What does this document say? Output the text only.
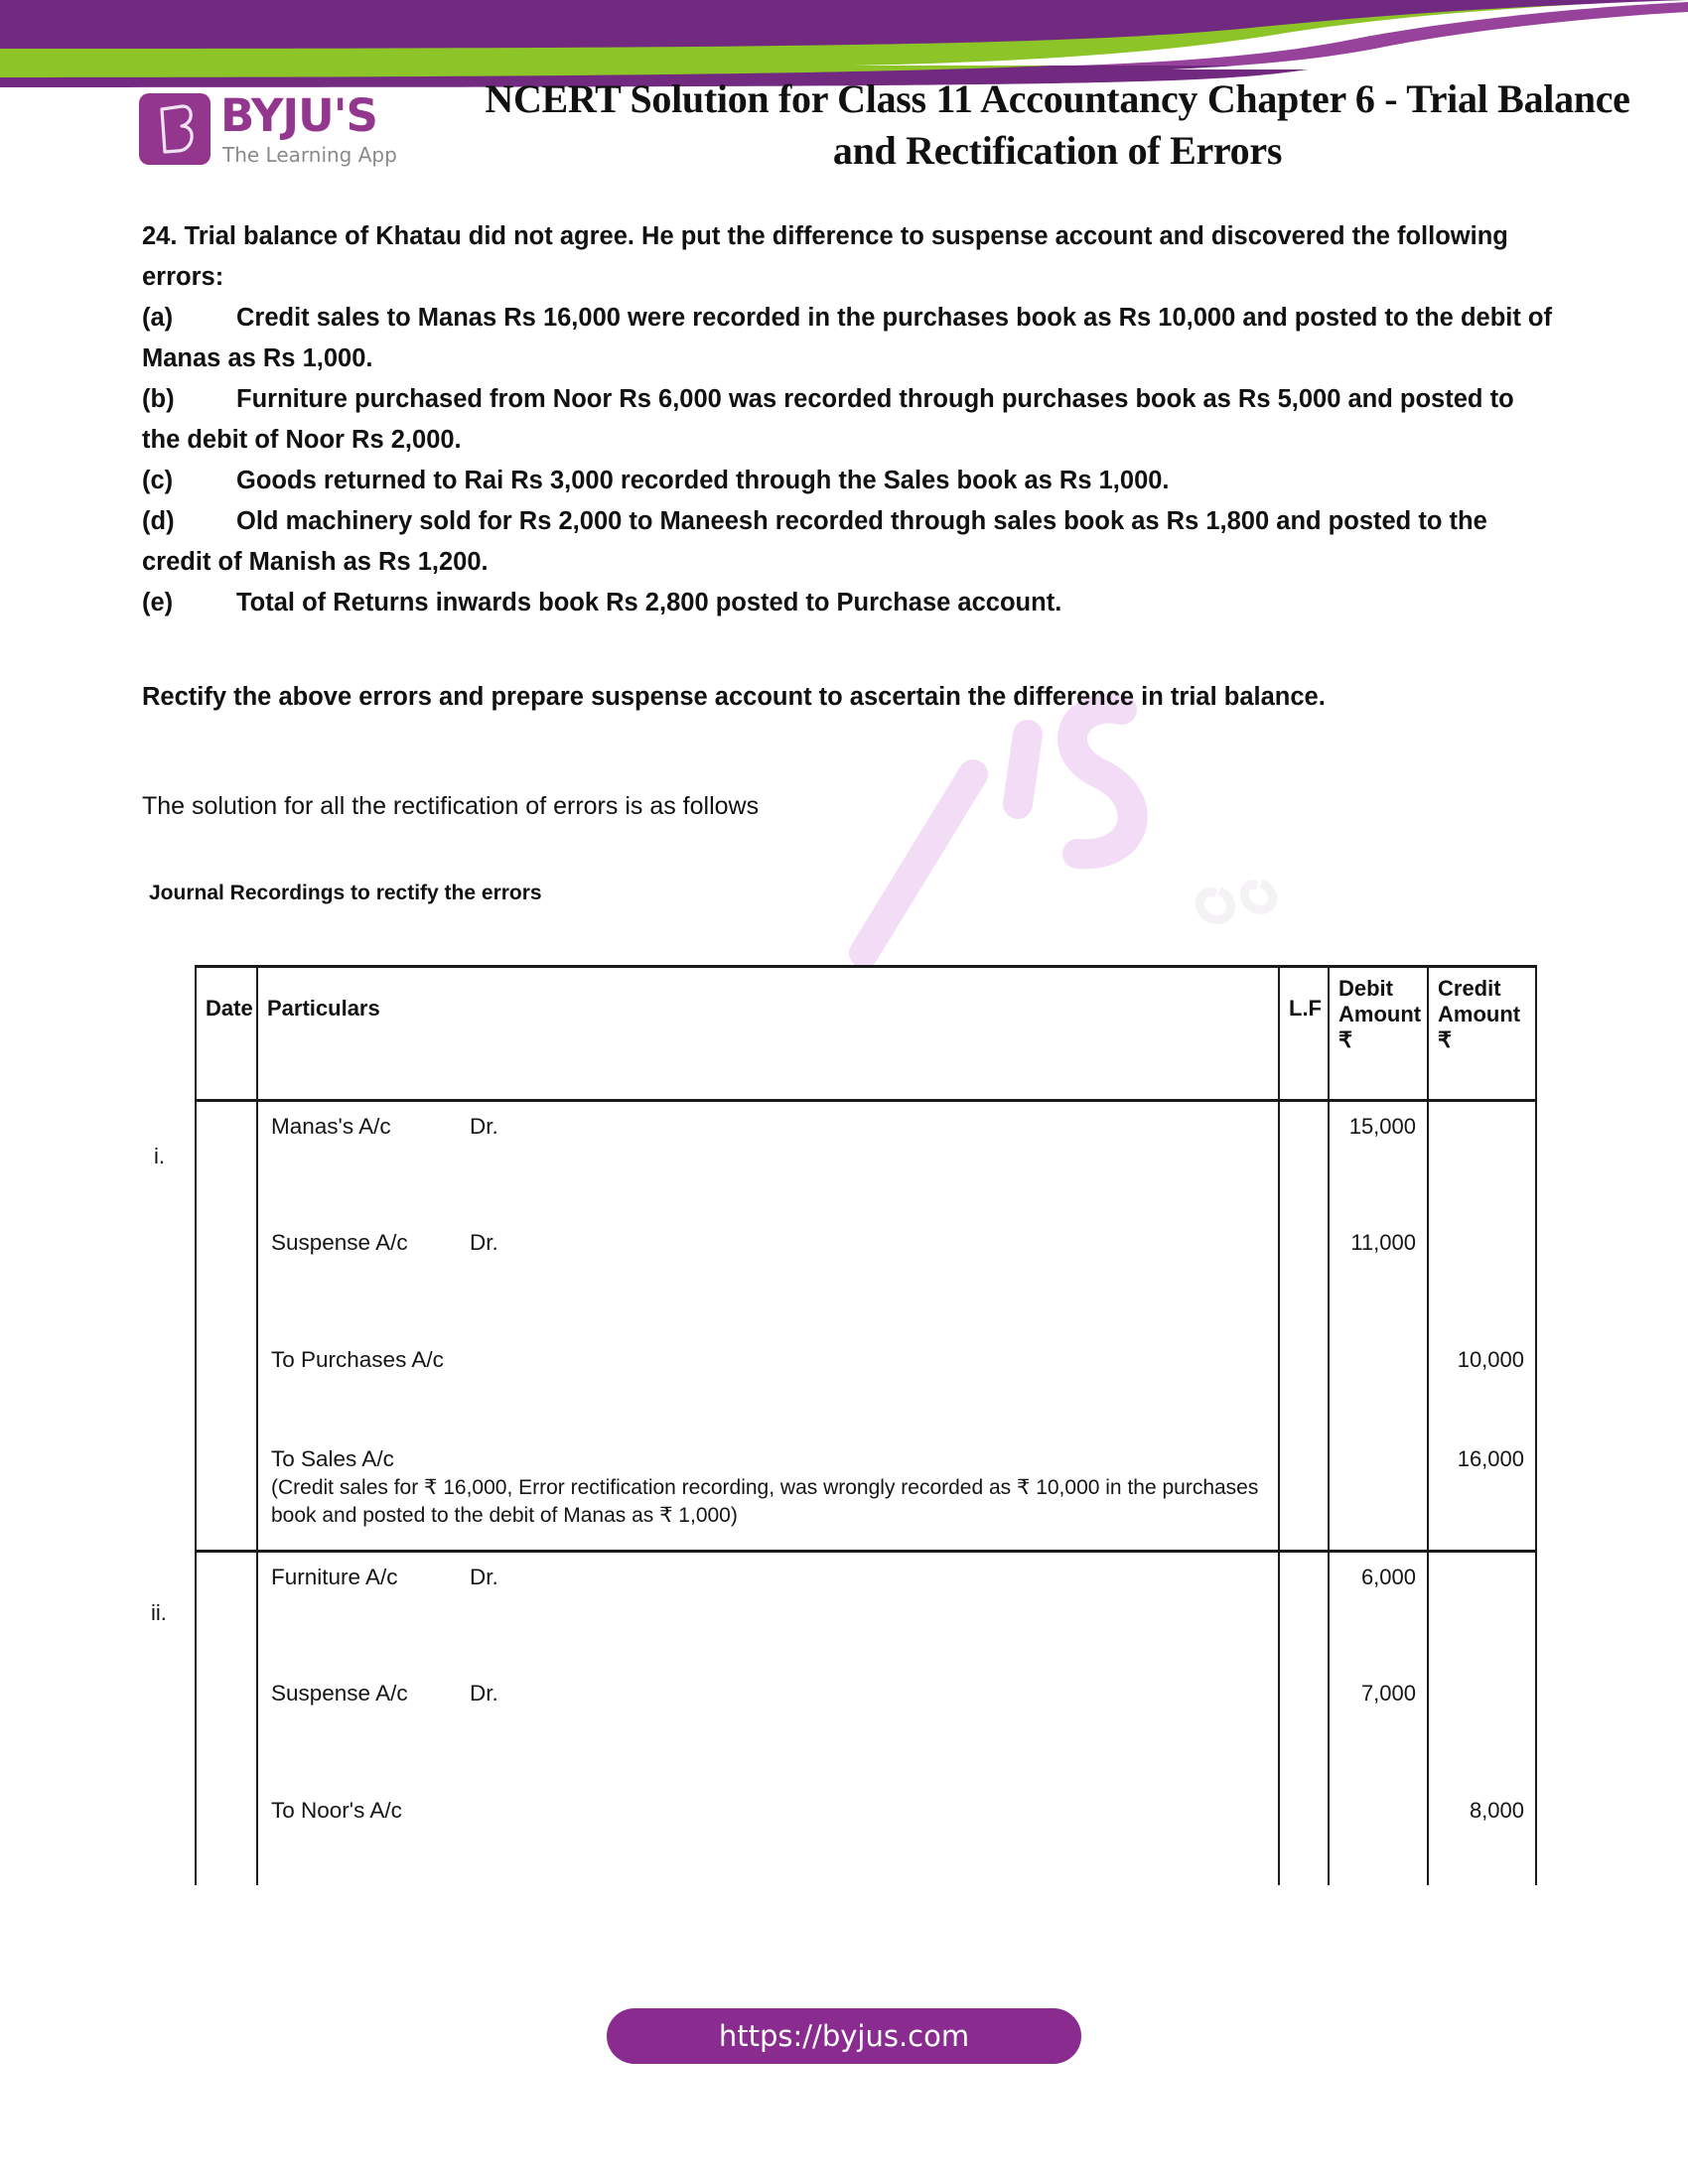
BYJU'S
The Learning App
NCERT Solution for Class 11 Accountancy Chapter 6 - Trial Balance and Rectification of Errors
24. Trial balance of Khatau did not agree. He put the difference to suspense account and discovered the following errors:
(a)	Credit sales to Manas Rs 16,000 were recorded in the purchases book as Rs 10,000 and posted to the debit of Manas as Rs 1,000.
(b) Furniture purchased from Noor Rs 6,000 was recorded through purchases book as Rs 5,000 and posted to the debit of Noor Rs 2,000.
(c)	Goods returned to Rai Rs 3,000 recorded through the Sales book as Rs 1,000.
(d) Old machinery sold for Rs 2,000 to Maneesh recorded through sales book as Rs 1,800 and posted to the credit of Manish as Rs 1,200.
(e)	Total of Returns inwards book Rs 2,800 posted to Purchase account.
Rectify the above errors and prepare suspense account to ascertain the difference in trial balance.
The solution for all the rectification of errors is as follows
Journal Recordings to rectify the errors
i.
ii.
Date	Particulars	L.F	Debit
Amount
₹	Credit
Amount
₹

	Manas's A/c Dr.		15,000	

	Suspense A/c Dr.		11,000	

	To Purchases A/c			10,000

	To Sales A/c
(Credit sales for ₹ 16,000, Error rectification recording, was wrongly recorded as ₹ 10,000 in the purchases book and posted to the debit of Manas as ₹ 1,000)			16,000

	Furniture A/c Dr.		6,000	

	Suspense A/c Dr.		7,000	

	To Noor's A/c			8,000
https://byjus.com
